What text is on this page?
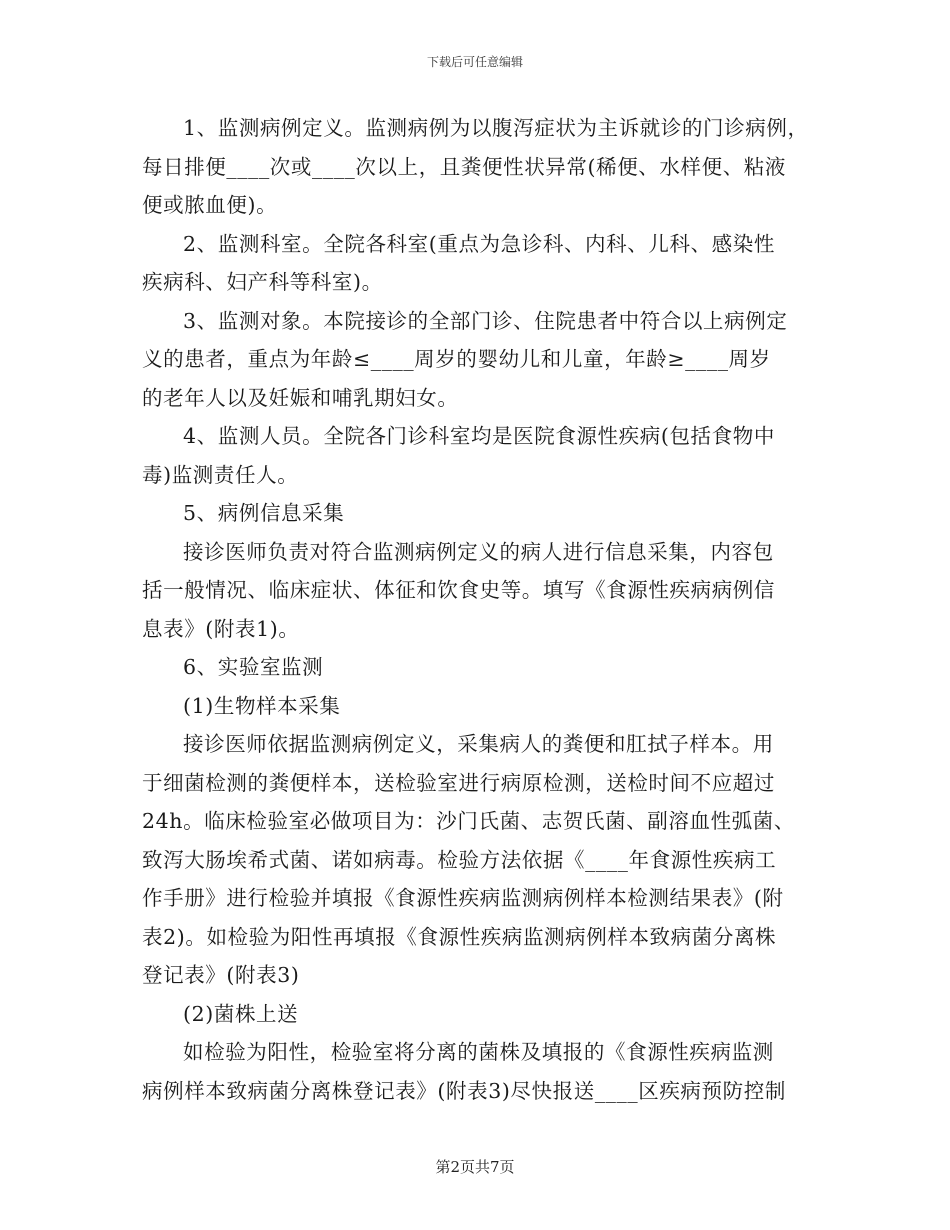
下载后可任意编辑
1、监测病例定义。监测病例为以腹泻症状为主诉就诊的门诊病例，
每日排便____次或____次以上，且粪便性状异常(稀便、水样便、粘液
便或脓血便)。
2、监测科室。全院各科室(重点为急诊科、内科、儿科、感染性
疾病科、妇产科等科室)。
3、监测对象。本院接诊的全部门诊、住院患者中符合以上病例定
义的患者，重点为年龄≤____周岁的婴幼儿和儿童，年龄≥____周岁
的老年人以及妊娠和哺乳期妇女。
4、监测人员。全院各门诊科室均是医院食源性疾病(包括食物中
毒)监测责任人。
5、病例信息采集
接诊医师负责对符合监测病例定义的病人进行信息采集，内容包
括一般情况、临床症状、体征和饮食史等。填写《食源性疾病病例信
息表》(附表1)。
6、实验室监测
(1)生物样本采集
接诊医师依据监测病例定义，采集病人的粪便和肛拭子样本。用
于细菌检测的粪便样本，送检验室进行病原检测，送检时间不应超过
24h。临床检验室必做项目为：沙门氏菌、志贺氏菌、副溶血性弧菌、
致泻大肠埃希式菌、诺如病毒。检验方法依据《____年食源性疾病工
作手册》进行检验并填报《食源性疾病监测病例样本检测结果表》(附
表2)。如检验为阳性再填报《食源性疾病监测病例样本致病菌分离株
登记表》(附表3)
(2)菌株上送
如检验为阳性，检验室将分离的菌株及填报的《食源性疾病监测
病例样本致病菌分离株登记表》(附表3)尽快报送____区疾病预防控制
第2页共7页
